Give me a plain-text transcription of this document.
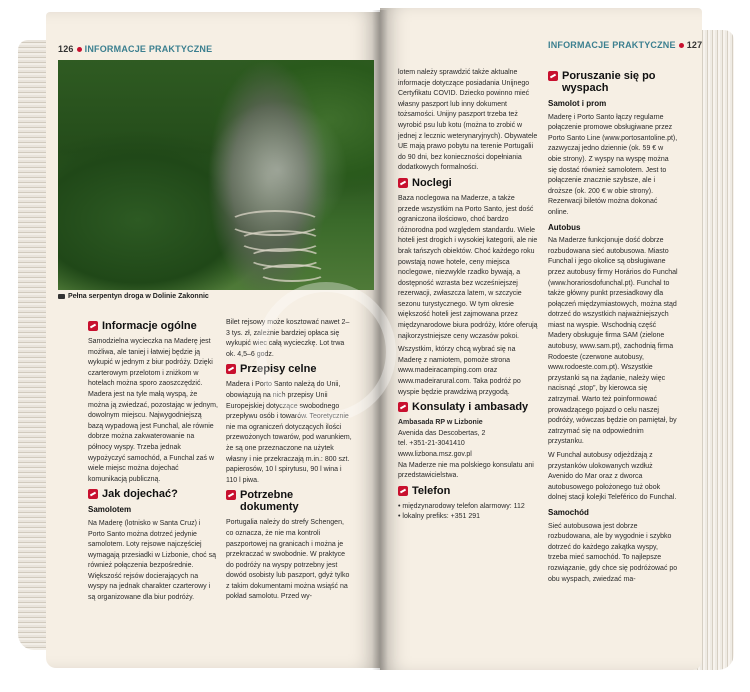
126 INFORMACJE PRAKTYCZNE
Pełna serpentyn droga w Dolinie Zakonnic
Informacje ogólne

Samodzielna wycieczka na Maderę jest możliwa, ale taniej i łatwiej będzie ją wykupić w jednym z biur podróży. Dzięki czarterowym przelotom i zniżkom w hotelach można sporo zaoszczędzić. Madera jest na tyle małą wyspą, że można ją zwiedzać, pozostając w jednym, dowolnym miejscu. Najwygodniejszą bazą wypadową jest Funchal, ale równie dobrze można zakwaterowanie na północy wyspy. Trzeba jednak wypożyczyć samochód, a Funchal zaś w wiele miejsc można dojechać komunikacją publiczną.

Jak dojechać?
Samolotem

Na Maderę (lotnisko w Santa Cruz) i Porto Santo można dotrzeć jedynie samolotem. Loty rejsowe najczęściej wymagają przesiadki w Lizbonie, choć są również połączenia bezpośrednie. Większość rejsów docierających na wyspy na jednak charakter czarterowy i są organizowane dla biur podróży.

Bilet rejsowy może kosztować nawet 2–3 tys. zł, zależnie bardziej opłaca się wykupić wiec całą wycieczkę. Lot trwa ok. 4,5–6 godz.

Przepisy celne

Madera i Porto Santo należą do Unii, obowiązują na nich przepisy Unii Europejskiej dotyczące swobodnego przepływu osób i towarów. Teoretycznie nie ma ograniczeń dotyczących ilości przewożonych towarów, pod warunkiem, że są one przeznaczone na użytek własny i nie przekraczają m.in.: 800 szt. papierosów, 10 l spirytusu, 90 l wina i 110 l piwa.

Potrzebne dokumenty

Portugalia należy do strefy Schengen, co oznacza, że nie ma kontroli paszportowej na granicach i można je przekraczać w swobodnie. W praktyce do podróży na wyspy potrzebny jest dowód osobisty lub paszport, gdyż tylko z takim dokumentami można wsiąść na pokład samolotu. Przed wy-

INFORMACJE PRAKTYCZNE 127

lotem należy sprawdzić także aktualne informacje dotyczące posiadania Unijnego Certyfikatu COVID. Dziecko powinno mieć własny paszport lub inny dokument tożsamości. Unijny paszport trzeba też wyrobić psu lub kotu (można to zrobić w jednej z lecznic weterynaryjnych). Obywatele UE mają prawo pobytu na terenie Portugalii do 90 dni, bez konieczności dopełniania dodatkowych formalności.

Noclegi

Baza noclegowa na Maderze, a także przede wszystkim na Porto Santo, jest dość ograniczona ilościowo, choć bardzo różnorodna pod względem standardu. Wiele hoteli jest drogich i wysokiej kategorii, ale nie brak tańszych obiektów. Choć każdego roku powstają nowe hotele, ceny miejsca noclegowe, niezwykle rzadko bywają, a dostępność wzrasta bez wcześniejszej rezerwacji, zwłaszcza latem, w szczycie sezonu turystycznego. W tym okresie większość hoteli jest zajmowana przez międzynarodowe biura podróży, które oferują najkorzystniejsze ceny wczasów pokoi.

Wszystkim, którzy chcą wybrać się na Maderę z namiotem, pomoże strona www.madeiracamping.com oraz www.madeirarural.com. Taka podróż po wyspie będzie prawdziwą przygodą.

Konsulaty i ambasady
Ambasada RP w Lizbonie
Avenida das Descobertas, 2
tel. +351-21-3041410
www.lizbona.msz.gov.pl

Na Maderze nie ma polskiego konsulatu ani przedstawicielstwa.

Telefon
• międzynarodowy telefon alarmowy: 112
• lokalny prefiks: +351 291
Poruszanie się po wyspach
Samolot i prom

Maderę i Porto Santo łączy regularne połączenie promowe obsługiwane przez Porto Santo Line (www.portosantoline.pt), zazwyczaj jedno dziennie (ok. 59 € w obie strony). Z wyspy na wyspę można się dostać również samolotem. Jest to połączenie znacznie szybsze, ale i droższe (ok. 200 € w obie strony). Rezerwacji biletów można dokonać online.

Autobus

Na Maderze funkcjonuje dość dobrze rozbudowana sieć autobusowa. Miasto Funchal i jego okolice są obsługiwane przez autobusy firmy Horários do Funchal (www.horariosdofunchal.pt). Funchal to także główny punkt przesiadkowy dla połączeń międzymiastowych, można stąd dotrzeć do wszystkich najważniejszych miast na wyspie. Wschodnią część Madery obsługuje firma SAM (zielone autobusy, www.sam.pt), zachodnią firma Rodoeste (czerwone autobusy, www.rodoeste.com.pt). Wszystkie przystanki są na żądanie, należy więc nacisnąć „stop”, by kierowca się zatrzymał. Warto też poinformować prowadzącego pojazd o celu naszej podróży, wówczas będzie on pamiętał, by zatrzymać się na odpowiednim przystanku.

W Funchal autobusy odjeżdżają z przystanków ulokowanych wzdłuż Avenido do Mar oraz z dworca autobusowego położonego tuż obok dolnej stacji kolejki Teleférico do Funchal.

Samochód

Sieć autobusowa jest dobrze rozbudowana, ale by wygodnie i szybko dotrzeć do każdego zakątka wyspy, trzeba mieć samochód. To najlepsze rozwiązanie, gdy chce się podróżować po obu wyspach, zwiedzać ma-
